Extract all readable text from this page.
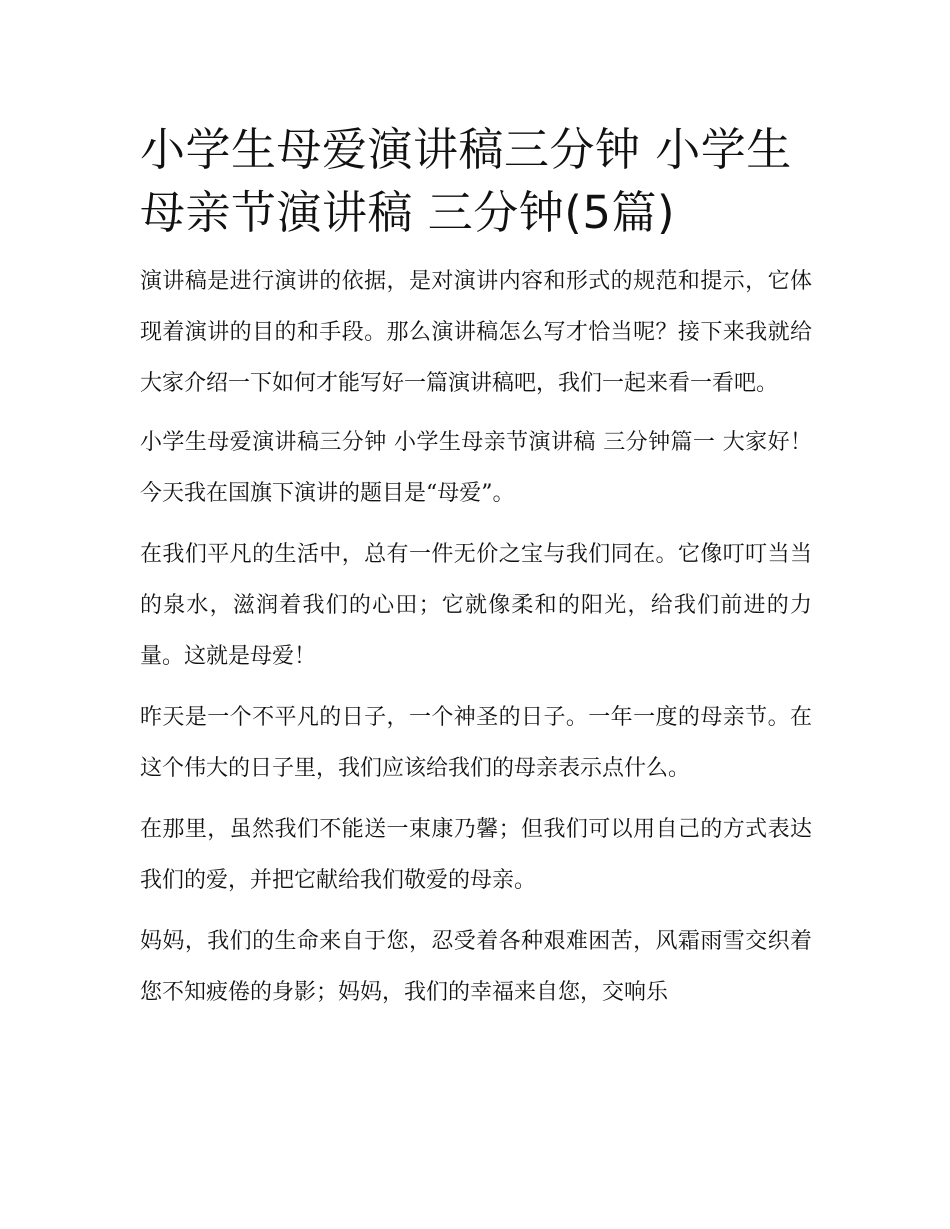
小学生母爱演讲稿三分钟 小学生母亲节演讲稿 三分钟(5篇)

演讲稿是进行演讲的依据，是对演讲内容和形式的规范和提示，它体现着演讲的目的和手段。那么演讲稿怎么写才恰当呢？接下来我就给大家介绍一下如何才能写好一篇演讲稿吧，我们一起来看一看吧。

小学生母爱演讲稿三分钟 小学生母亲节演讲稿 三分钟篇一 大家好！ 今天我在国旗下演讲的题目是“母爱”。

在我们平凡的生活中，总有一件无价之宝与我们同在。它像叮叮当当的泉水，滋润着我们的心田；它就像柔和的阳光，给我们前进的力量。这就是母爱！

昨天是一个不平凡的日子，一个神圣的日子。一年一度的母亲节。在这个伟大的日子里，我们应该给我们的母亲表示点什么。

在那里，虽然我们不能送一束康乃馨；但我们可以用自己的方式表达我们的爱，并把它献给我们敬爱的母亲。

妈妈，我们的生命来自于您，忍受着各种艰难困苦，风霜雨雪交织着您不知疲倦的身影；妈妈，我们的幸福来自您，交响乐
